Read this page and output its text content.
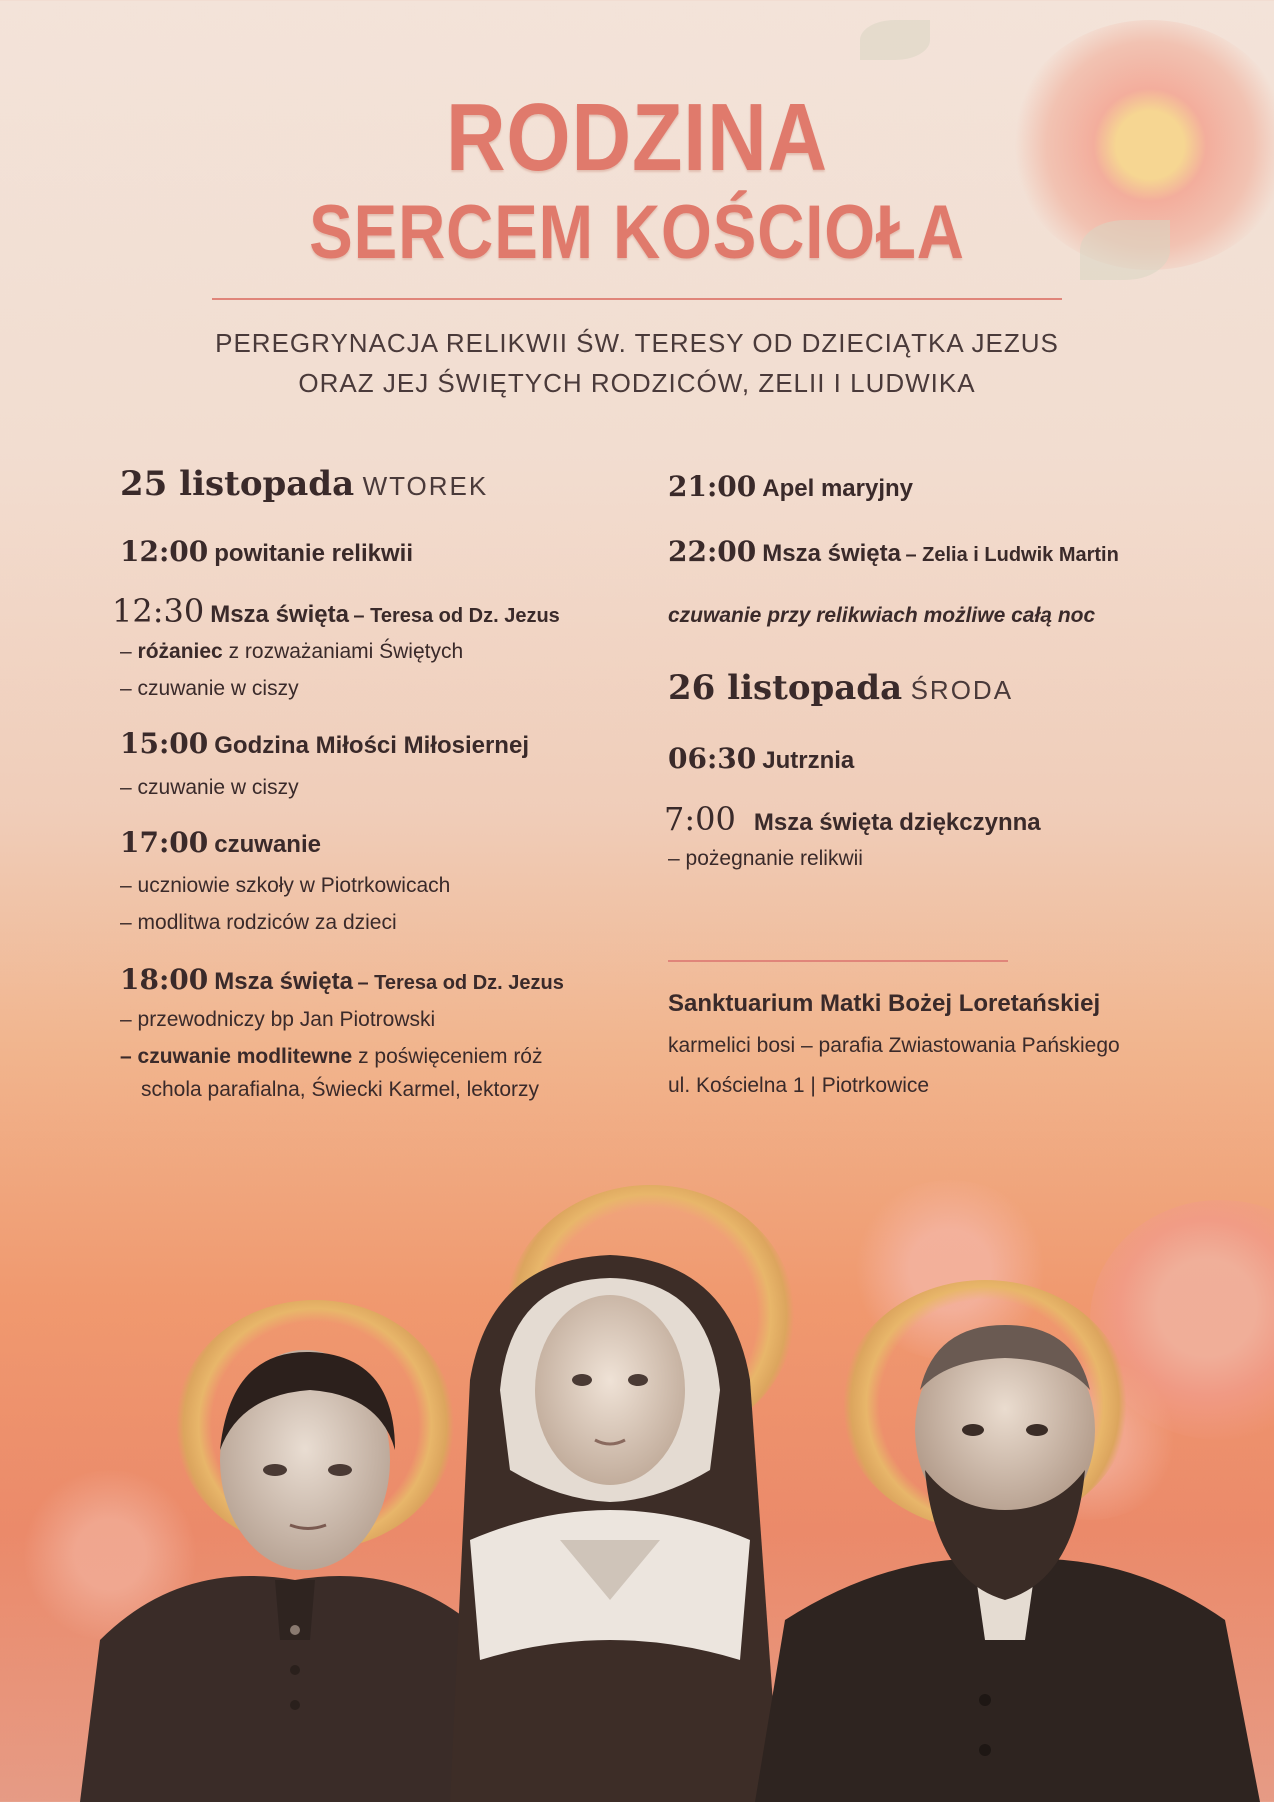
RODZINA
SERCEM KOŚCIOŁA
PEREGRYNACJA RELIKWII ŚW. TERESY OD DZIECIĄTKA JEZUS
ORAZ JEJ ŚWIĘTYCH RODZICÓW, ZELII I LUDWIKA
25 listopada WTOREK
12:00 powitanie relikwii
12:30 Msza święta – Teresa od Dz. Jezus
– różaniec z rozważaniami Świętych
– czuwanie w ciszy
15:00 Godzina Miłości Miłosiernej
– czuwanie w ciszy
17:00 czuwanie
– uczniowie szkoły w Piotrkowicach
– modlitwa rodziców za dzieci
18:00 Msza święta – Teresa od Dz. Jezus
– przewodniczy bp Jan Piotrowski
– czuwanie modlitewne z poświęceniem róż
schola parafialna, Świecki Karmel, lektorzy
21:00 Apel maryjny
22:00 Msza święta – Zelia i Ludwik Martin
czuwanie przy relikwiach możliwe całą noc
26 listopada ŚRODA
06:30 Jutrznia
7:00 Msza święta dziękczynna
– pożegnanie relikwii
Sanktuarium Matki Bożej Loretańskiej
karmelici bosi – parafia Zwiastowania Pańskiego
ul. Kościelna 1 | Piotrkowice
